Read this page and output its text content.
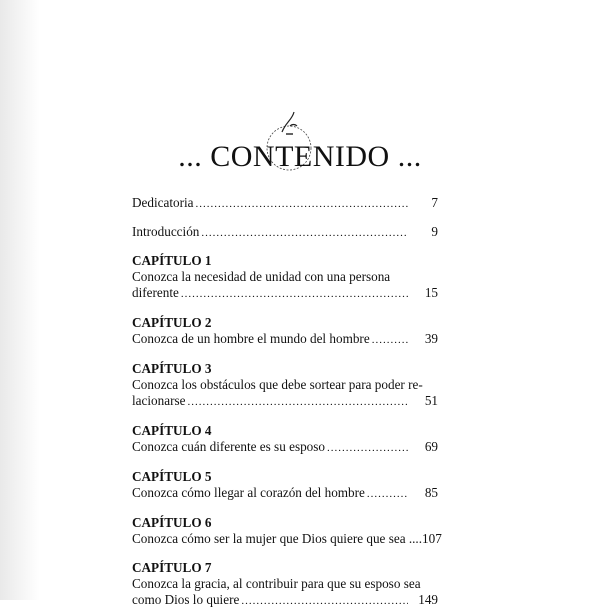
... CONTENIDO ...
Dedicatoria .....	7
Introducción .....	9
CAPÍTULO 1
Conozca la necesidad de unidad con una persona
diferente .....	15
CAPÍTULO 2
Conozca de un hombre el mundo del hombre .....	39
CAPÍTULO 3
Conozca los obstáculos que debe sortear para poder re-
lacionarse .....	51
CAPÍTULO 4
Conozca cuán diferente es su esposo .....	69
CAPÍTULO 5
Conozca cómo llegar al corazón del hombre .....	85
CAPÍTULO 6
Conozca cómo ser la mujer que Dios quiere que sea .... 107
CAPÍTULO 7
Conozca la gracia, al contribuir para que su esposo sea
como Dios lo quiere .....	149
